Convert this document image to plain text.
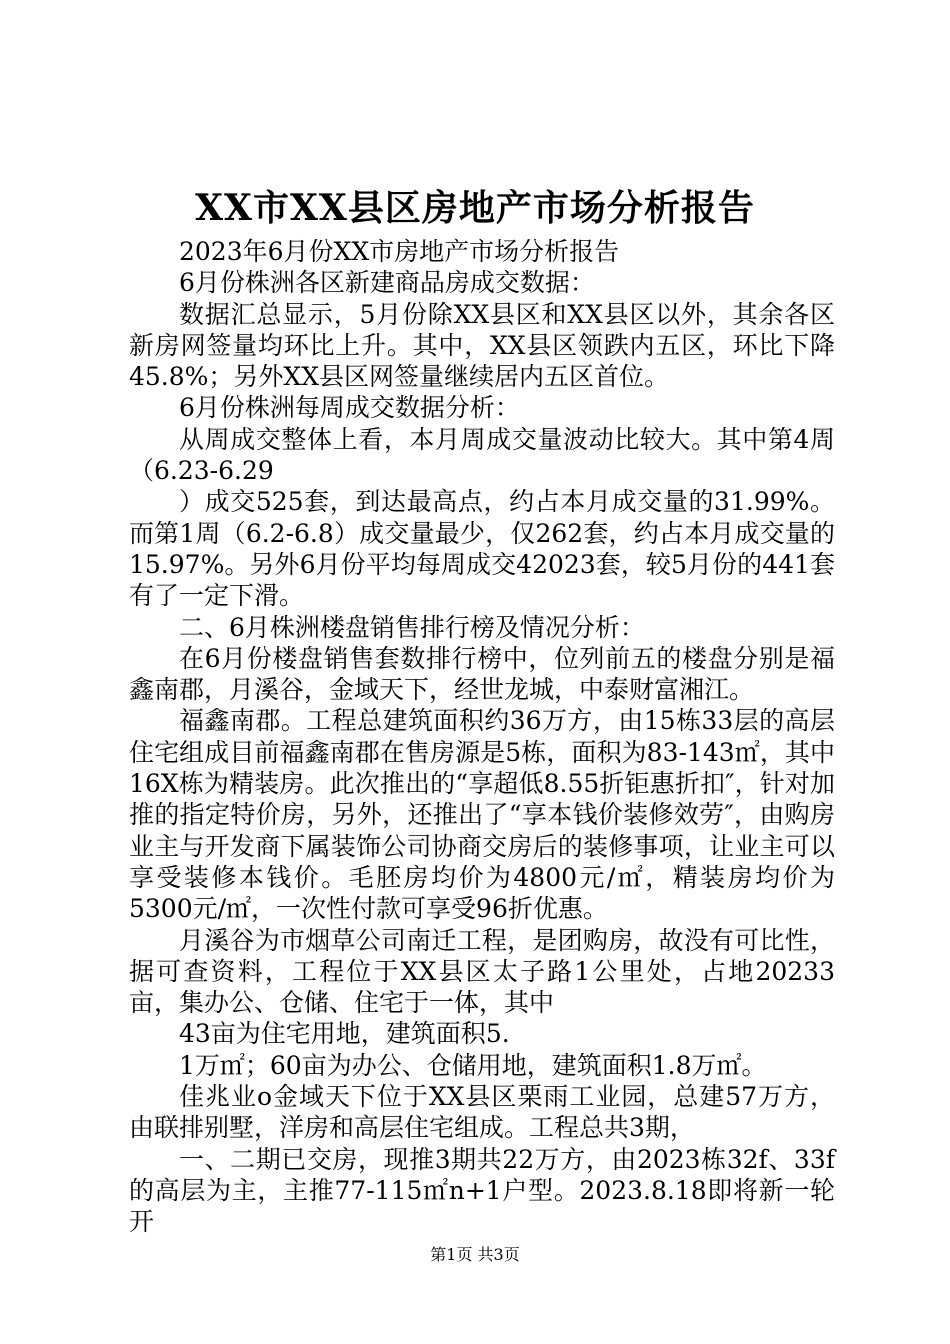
XX市XX县区房地产市场分析报告

2023年6月份XX市房地产市场分析报告

6月份株洲各区新建商品房成交数据：

数据汇总显示，5月份除XX县区和XX县区以外，其余各区新房网签量均环比上升。其中，XX县区领跌内五区，环比下降45.8%；另外XX县区网签量继续居内五区首位。

6月份株洲每周成交数据分析：

从周成交整体上看，本月周成交量波动比较大。其中第4周（6.23-6.29

）成交525套，到达最高点，约占本月成交量的31.99%。而第1周（6.2-6.8）成交量最少，仅262套，约占本月成交量的15.97%。另外6月份平均每周成交42023套，较5月份的441套有了一定下滑。

二、6月株洲楼盘销售排行榜及情况分析：

在6月份楼盘销售套数排行榜中，位列前五的楼盘分别是福鑫南郡，月溪谷，金域天下，经世龙城，中泰财富湘江。

福鑫南郡。工程总建筑面积约36万方，由15栋33层的高层住宅组成目前福鑫南郡在售房源是5栋，面积为83-143㎡，其中16X栋为精装房。此次推出的“享超低8.55折钜惠折扣″，针对加推的指定特价房，另外，还推出了“享本钱价装修效劳″，由购房业主与开发商下属装饰公司协商交房后的装修事项，让业主可以享受装修本钱价。毛胚房均价为4800元/㎡，精装房均价为5300元/㎡，一次性付款可享受96折优惠。

月溪谷为市烟草公司南迁工程，是团购房，故没有可比性，据可查资料，工程位于XX县区太子路1公里处，占地20233亩，集办公、仓储、住宅于一体，其中

43亩为住宅用地，建筑面积5.

1万㎡；60亩为办公、仓储用地，建筑面积1.8万㎡。

佳兆业o金域天下位于XX县区栗雨工业园，总建57万方，由联排别墅，洋房和高层住宅组成。工程总共3期，

一、二期已交房，现推3期共22万方，由2023栋32f、33f的高层为主，主推77-115㎡n+1户型。2023.8.18即将新一轮开

第1页 共3页
